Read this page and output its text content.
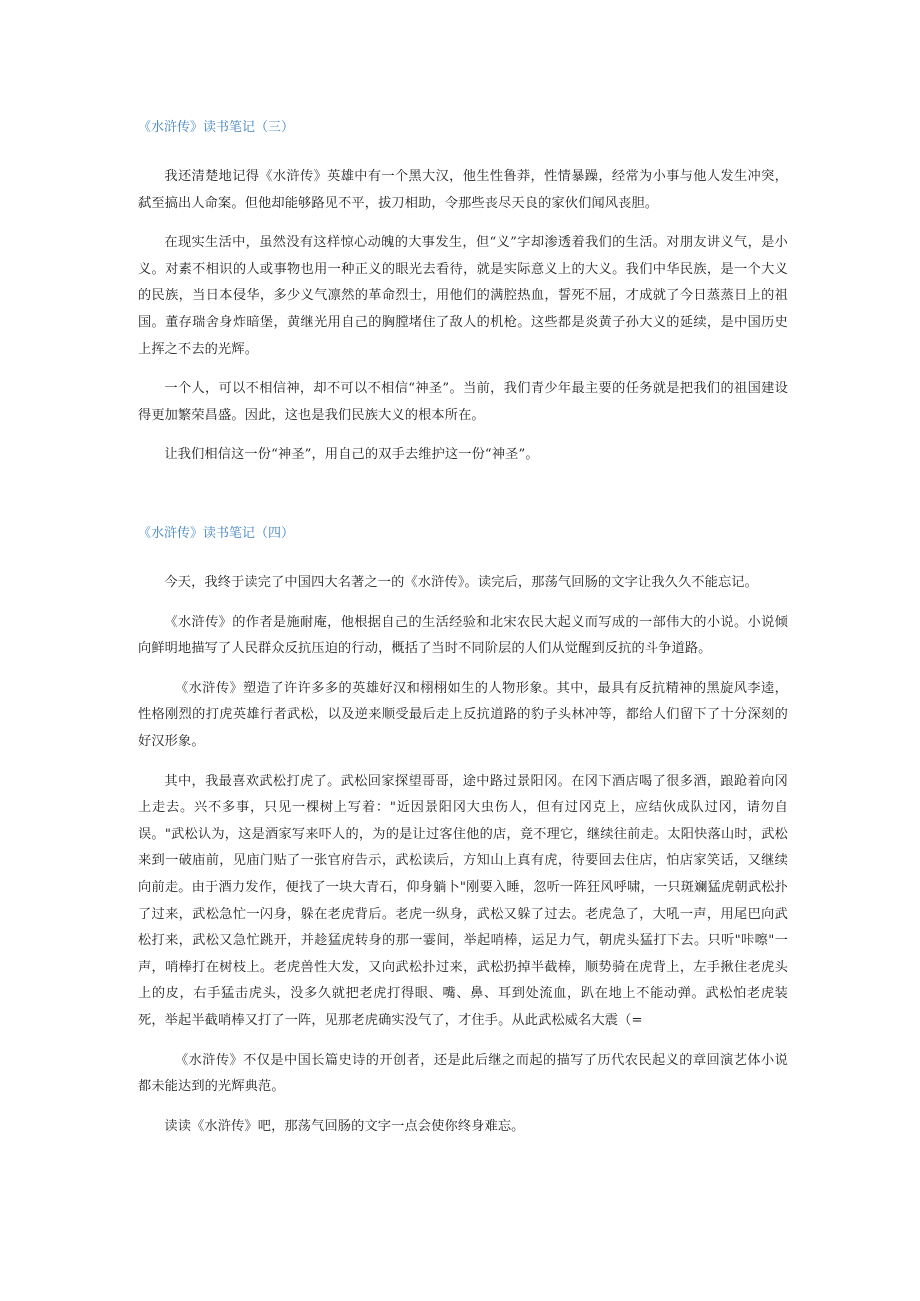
《水浒传》读书笔记（三）

我还清楚地记得《水浒传》英雄中有一个黑大汉，他生性鲁莽，性情暴躁，经常为小事与他人发生冲突，弑至搞出人命案。但他却能够路见不平，拔刀相助，令那些丧尽天良的家伙们闻风丧胆。

在现实生活中，虽然没有这样惊心动魄的大事发生，但“义”字却渗透着我们的生活。对朋友讲义气，是小义。对素不相识的人或事物也用一种正义的眼光去看待，就是实际意义上的大义。我们中华民族，是一个大义的民族，当日本侵华，多少义气凛然的革命烈士，用他们的满腔热血，誓死不屈，才成就了今日蒸蒸日上的祖国。董存瑞舍身炸暗堡，黄继光用自己的胸膛堵住了敌人的机枪。这些都是炎黄子孙大义的延续，是中国历史上挥之不去的光辉。

一个人，可以不相信神，却不可以不相信“神圣”。当前，我们青少年最主要的任务就是把我们的祖国建设得更加繁荣昌盛。因此，这也是我们民族大义的根本所在。

让我们相信这一份“神圣”，用自己的双手去维护这一份“神圣”。

《水浒传》读书笔记（四）

今天，我终于读完了中国四大名著之一的《水浒传》。读完后，那荡气回肠的文字让我久久不能忘记。

《水浒传》的作者是施耐庵，他根据自己的生活经验和北宋农民大起义而写成的一部伟大的小说。小说倾向鲜明地描写了人民群众反抗压迫的行动，概括了当时不同阶层的人们从觉醒到反抗的斗争道路。

《水浒传》塑造了许许多多的英雄好汉和栩栩如生的人物形象。其中，最具有反抗精神的黑旋风李逵，性格刚烈的打虎英雄行者武松，以及逆来顺受最后走上反抗道路的豹子头林冲等，都给人们留下了十分深刻的好汉形象。

其中，我最喜欢武松打虎了。武松回家探望哥哥，途中路过景阳冈。在冈下酒店喝了很多酒，踉跄着向冈上走去。兴不多事，只见一棵树上写着："近因景阳冈大虫伤人，但有过冈克上，应结伙成队过冈，请勿自误。"武松认为，这是酒家写来吓人的，为的是让过客住他的店，竟不理它，继续往前走。太阳快落山时，武松来到一破庙前，见庙门贴了一张官府告示，武松读后，方知山上真有虎，待要回去住店，怕店家笑话，又继续向前走。由于酒力发作，便找了一块大青石，仰身躺卜"刚要入睡，忽听一阵狂风呼啸，一只斑斓猛虎朝武松扑了过来，武松急忙一闪身，躲在老虎背后。老虎一纵身，武松又躲了过去。老虎急了，大吼一声，用尾巴向武松打来，武松又急忙跳开，并趁猛虎转身的那一霎间，举起哨棒，运足力气，朝虎头猛打下去。只听"咔嚓"一声，哨棒打在树枝上。老虎兽性大发，又向武松扑过来，武松扔掉半截棒，顺势骑在虎背上，左手揪住老虎头上的皮，右手猛击虎头，没多久就把老虎打得眼、嘴、鼻、耳到处流血，趴在地上不能动弹。武松怕老虎装死，举起半截哨棒又打了一阵，见那老虎确实没气了，才住手。从此武松威名大震（=

《水浒传》不仅是中国长篇史诗的开创者，还是此后继之而起的描写了历代农民起义的章回演艺体小说都未能达到的光辉典范。

读读《水浒传》吧，那荡气回肠的文字一点会使你终身难忘。
